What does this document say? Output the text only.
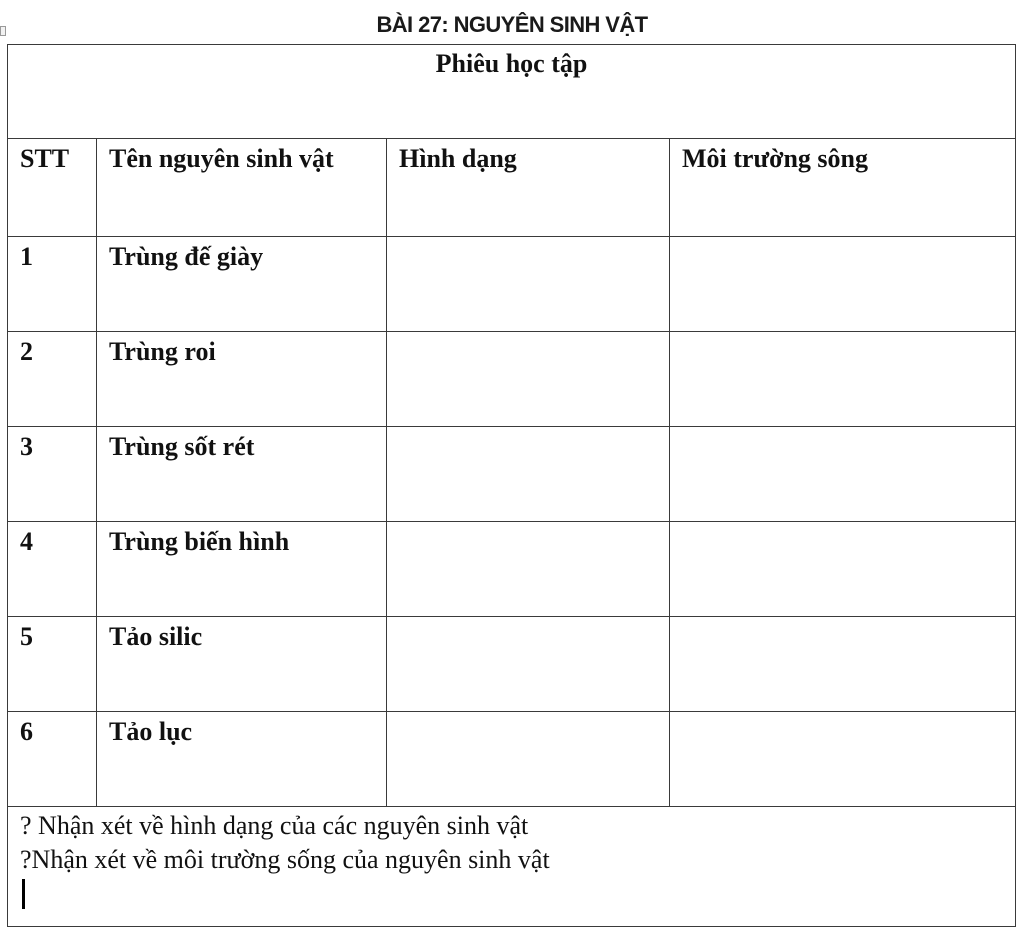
BÀI 27: NGUYÊN SINH VẬT
Phiêu học tập			

STT	Tên nguyên sinh vật	Hình dạng	Môi trường sông

1	Trùng đế giày		

2	Trùng roi		

3	Trùng sốt rét		

4	Trùng biến hình		

5	Tảo silic		

6	Tảo lục		

? Nhận xét về hình dạng của các nguyên sinh vật
?Nhận xét về môi trường sống của nguyên sinh vật			
